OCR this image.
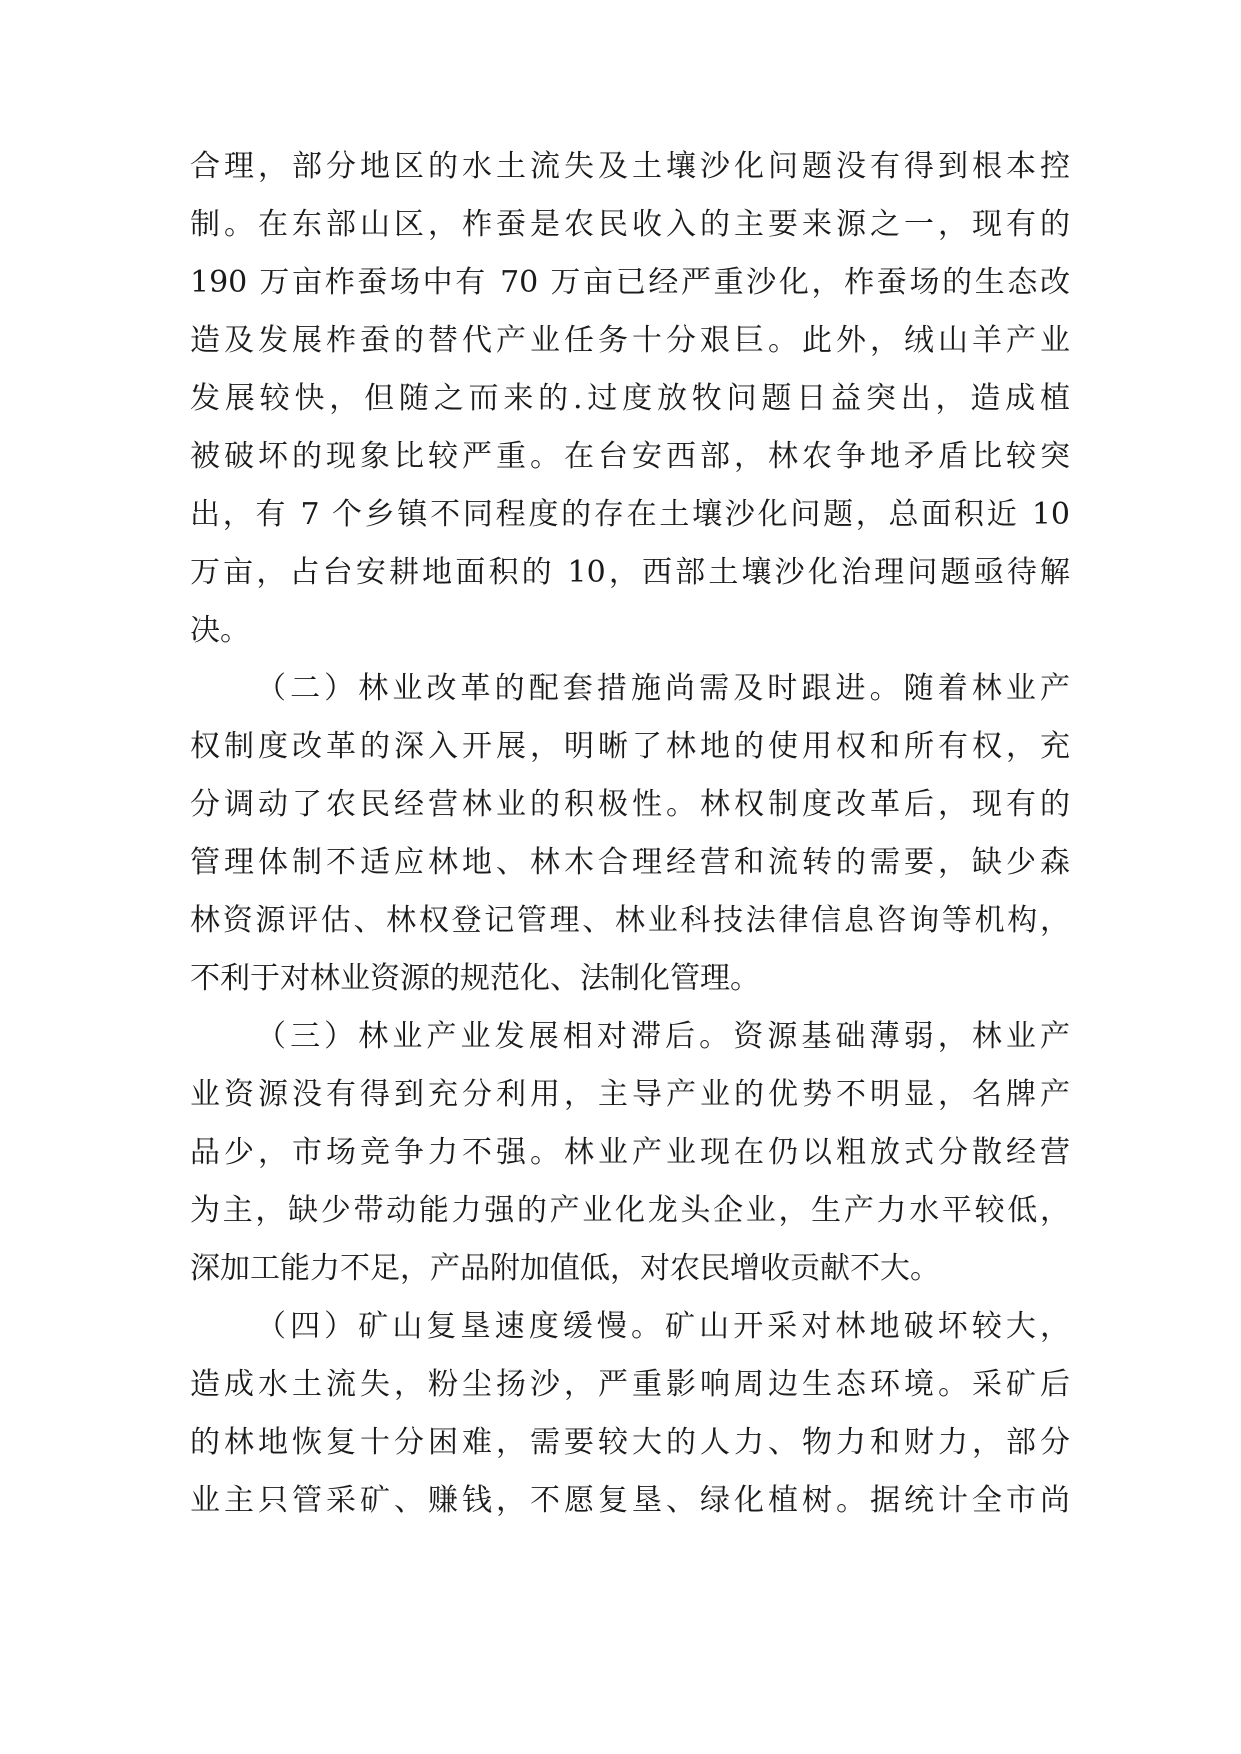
合理，部分地区的水土流失及土壤沙化问题没有得到根本控
制。在东部山区，柞蚕是农民收入的主要来源之一，现有的
190 万亩柞蚕场中有 70 万亩已经严重沙化，柞蚕场的生态改
造及发展柞蚕的替代产业任务十分艰巨。此外，绒山羊产业
发展较快，但随之而来的.过度放牧问题日益突出，造成植
被破坏的现象比较严重。在台安西部，林农争地矛盾比较突
出，有 7 个乡镇不同程度的存在土壤沙化问题，总面积近 10
万亩，占台安耕地面积的 10，西部土壤沙化治理问题亟待解
决。
（二）林业改革的配套措施尚需及时跟进。随着林业产
权制度改革的深入开展，明晰了林地的使用权和所有权，充
分调动了农民经营林业的积极性。林权制度改革后，现有的
管理体制不适应林地、林木合理经营和流转的需要，缺少森
林资源评估、林权登记管理、林业科技法律信息咨询等机构，
不利于对林业资源的规范化、法制化管理。
（三）林业产业发展相对滞后。资源基础薄弱，林业产
业资源没有得到充分利用，主导产业的优势不明显，名牌产
品少，市场竞争力不强。林业产业现在仍以粗放式分散经营
为主，缺少带动能力强的产业化龙头企业，生产力水平较低，
深加工能力不足，产品附加值低，对农民增收贡献不大。
（四）矿山复垦速度缓慢。矿山开采对林地破坏较大，
造成水土流失，粉尘扬沙，严重影响周边生态环境。采矿后
的林地恢复十分困难，需要较大的人力、物力和财力，部分
业主只管采矿、赚钱，不愿复垦、绿化植树。据统计全市尚
